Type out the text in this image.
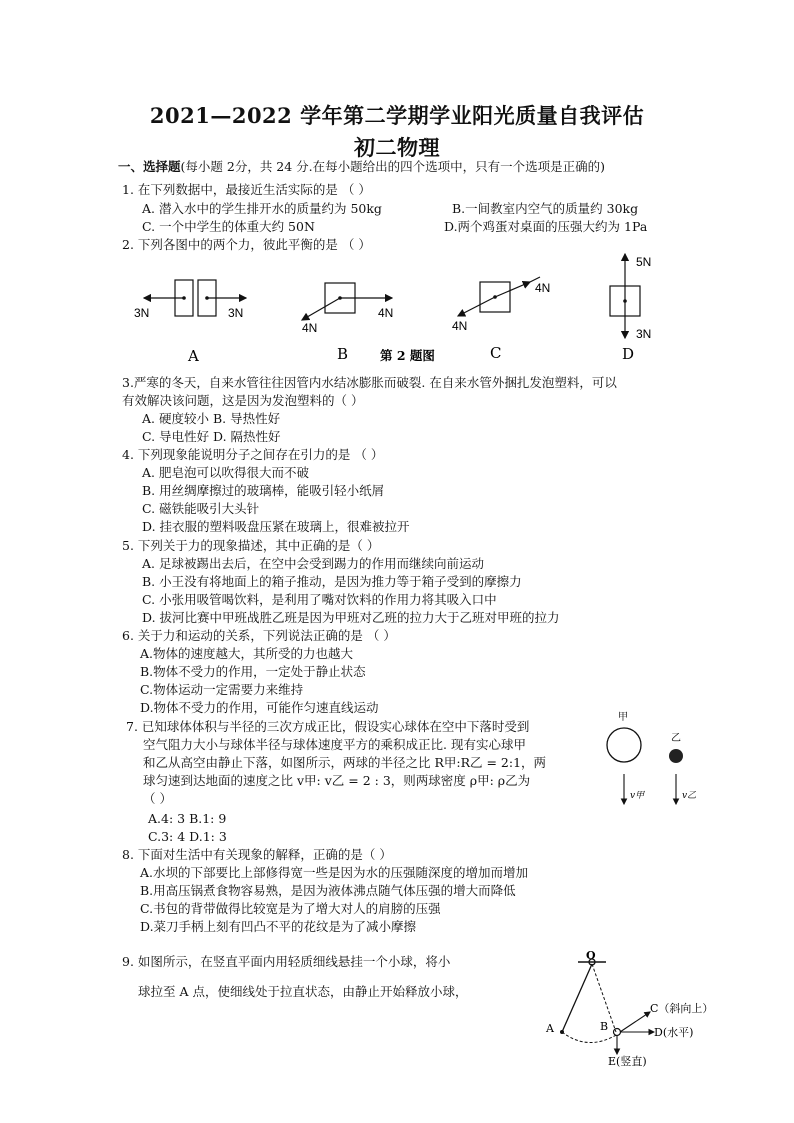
2021—2022 学年第二学期学业阳光质量自我评估
初二物理
一、选择题(每小题 2分，共 24 分.在每小题给出的四个选项中，只有一个选项是正确的)
1. 在下列数据中，最接近生活实际的是 （ ）
A. 潜入水中的学生排开水的质量约为 50kg	B.一间教室内空气的质量约 30kg
C. 一个中学生的体重大约 50N	D.两个鸡蛋对桌面的压强大约为 1Pa
2. 下列各图中的两个力，彼此平衡的是 （ ）
3N	3N
A
4N
4N
B	第 2 题图
4N
4N
C
5N
3N
D
3.严寒的冬天，自来水管往往因管内水结冰膨胀而破裂. 在自来水管外捆扎发泡塑料，可以
有效解决该问题，这是因为发泡塑料的（ ）
A. 硬度较小 B. 导热性好
C. 导电性好 D. 隔热性好
4. 下列现象能说明分子之间存在引力的是 （ ）
A. 肥皂泡可以吹得很大而不破
B. 用丝绸摩擦过的玻璃棒，能吸引轻小纸屑
C. 磁铁能吸引大头针
D. 挂衣服的塑料吸盘压紧在玻璃上，很难被拉开
5. 下列关于力的现象描述，其中正确的是（ ）
A. 足球被踢出去后，在空中会受到踢力的作用而继续向前运动
B. 小王没有将地面上的箱子推动，是因为推力等于箱子受到的摩擦力
C. 小张用吸管喝饮料，是利用了嘴对饮料的作用力将其吸入口中
D. 拔河比赛中甲班战胜乙班是因为甲班对乙班的拉力大于乙班对甲班的拉力
6. 关于力和运动的关系，下列说法正确的是 （ ）
A.物体的速度越大，其所受的力也越大
B.物体不受力的作用，一定处于静止状态
C.物体运动一定需要力来维持
D.物体不受力的作用，可能作匀速直线运动
7. 已知球体体积与半径的三次方成正比，假设实心球体在空中下落时受到
空气阻力大小与球体半径与球体速度平方的乘积成正比. 现有实心球甲
和乙从高空由静止下落，如图所示，两球的半径之比 R甲:R乙 = 2:1，两
球匀速到达地面的速度之比 v甲: v乙 = 2 : 3，则两球密度 ρ甲: ρ乙为
（ ）
A.4: 3 B.1: 9
C.3: 4 D.1: 3
甲
乙
v甲	v乙
8. 下面对生活中有关现象的解释，正确的是（ ）
A.水坝的下部要比上部修得宽一些是因为水的压强随深度的增加而增加
B.用高压锅煮食物容易熟，是因为液体沸点随气体压强的增大而降低
C.书包的背带做得比较宽是为了增大对人的肩膀的压强
D.菜刀手柄上刻有凹凸不平的花纹是为了减小摩擦
9. 如图所示，在竖直平面内用轻质细线悬挂一个小球，将小
球拉至 A 点，使细线处于拉直状态，由静止开始释放小球，
O
A	B
C（斜向上）
D(水平)
E(竖直)
